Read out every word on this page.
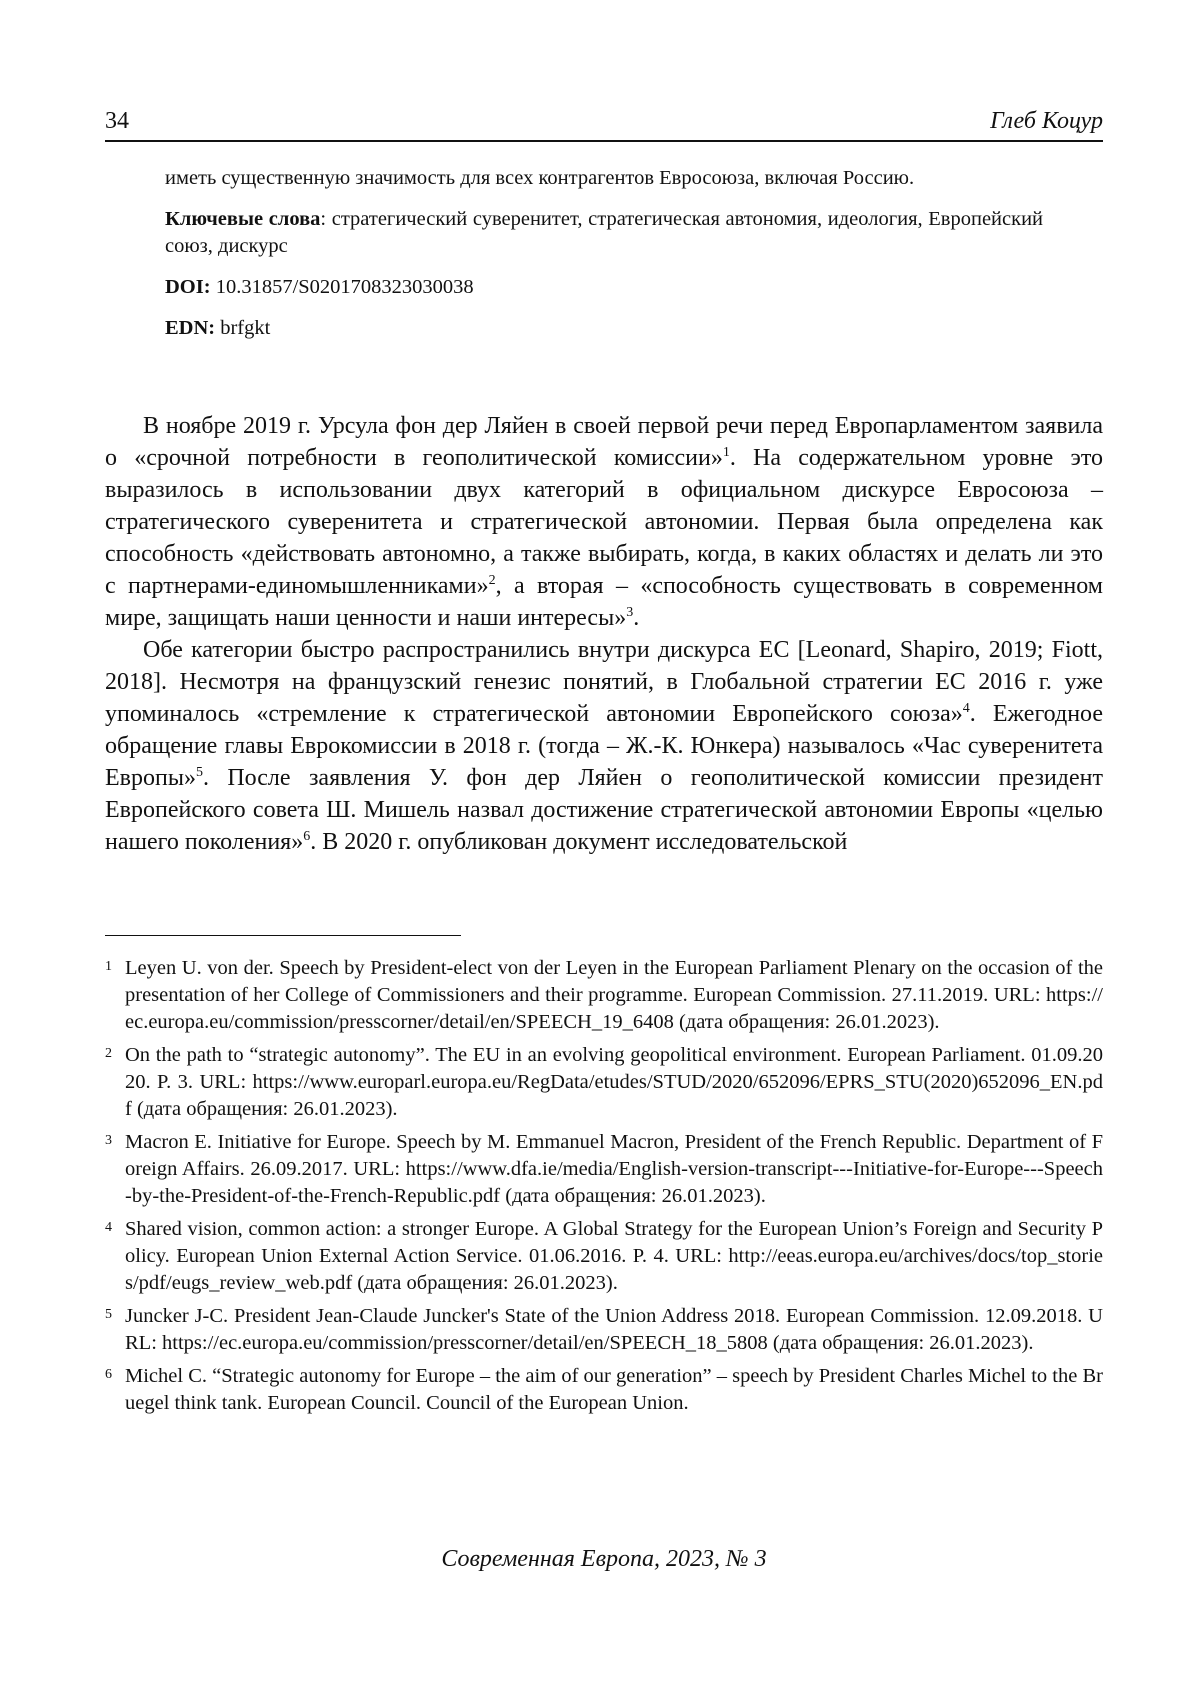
34	Глеб Коцур

иметь существенную значимость для всех контрагентов Евросоюза, включая Россию.

Ключевые слова: стратегический суверенитет, стратегическая автономия, идеология, Европейский союз, дискурс

DOI: 10.31857/S0201708323030038

EDN: brfgkt

В ноябре 2019 г. Урсула фон дер Ляйен в своей первой речи перед Европарламентом заявила о «срочной потребности в геополитической комиссии»$^1$. На содержательном уровне это выразилось в использовании двух категорий в официальном дискурсе Евросоюза – стратегического суверенитета и стратегической автономии. Первая была определена как способность «действовать автономно, а также выбирать, когда, в каких областях и делать ли это с партнерами-единомышленниками»$^2$, а вторая – «способность существовать в современном мире, защищать наши ценности и наши интересы»$^3$.

Обе категории быстро распространились внутри дискурса ЕС [Leonard, Shapiro, 2019; Fiott, 2018]. Несмотря на французский генезис понятий, в Глобальной стратегии ЕС 2016 г. уже упоминалось «стремление к стратегической автономии Европейского союза»$^4$. Ежегодное обращение главы Еврокомиссии в 2018 г. (тогда – Ж.-К. Юнкера) называлось «Час суверенитета Европы»$^5$. После заявления У. фон дер Ляйен о геополитической комиссии президент Европейского совета Ш. Мишель назвал достижение стратегической автономии Европы «целью нашего поколения»$^6$. В 2020 г. опубликован документ исследовательской

1 Leyen U. von der. Speech by President-elect von der Leyen in the European Parliament Plenary on the occasion of the presentation of her College of Commissioners and their programme. European Commission. 27.11.2019. URL: https://ec.europa.eu/commission/presscorner/detail/en/SPEECH_19_6408 (дата обращения: 26.01.2023).
2 On the path to “strategic autonomy”. The EU in an evolving geopolitical environment. European Parliament. 01.09.2020. P. 3. URL: https://www.europarl.europa.eu/RegData/etudes/STUD/2020/652096/EPRS_STU(2020)652096_EN.pdf (дата обращения: 26.01.2023).
3 Macron E. Initiative for Europe. Speech by M. Emmanuel Macron, President of the French Republic. Department of Foreign Affairs. 26.09.2017. URL: https://www.dfa.ie/media/English-version-transcript---Initiative-for-Europe---Speech-by-the-President-of-the-French-Republic.pdf (дата обращения: 26.01.2023).
4 Shared vision, common action: a stronger Europe. A Global Strategy for the European Union’s Foreign and Security Policy. European Union External Action Service. 01.06.2016. P. 4. URL: http://eeas.europa.eu/archives/docs/top_stories/pdf/eugs_review_web.pdf (дата обращения: 26.01.2023).
5 Juncker J-C. President Jean-Claude Juncker's State of the Union Address 2018. European Commission. 12.09.2018. URL: https://ec.europa.eu/commission/presscorner/detail/en/SPEECH_18_5808 (дата обращения: 26.01.2023).
6 Michel C. “Strategic autonomy for Europe – the aim of our generation” – speech by President Charles Michel to the Bruegel think tank. European Council. Council of the European Union.
Современная Европа, 2023, № 3
